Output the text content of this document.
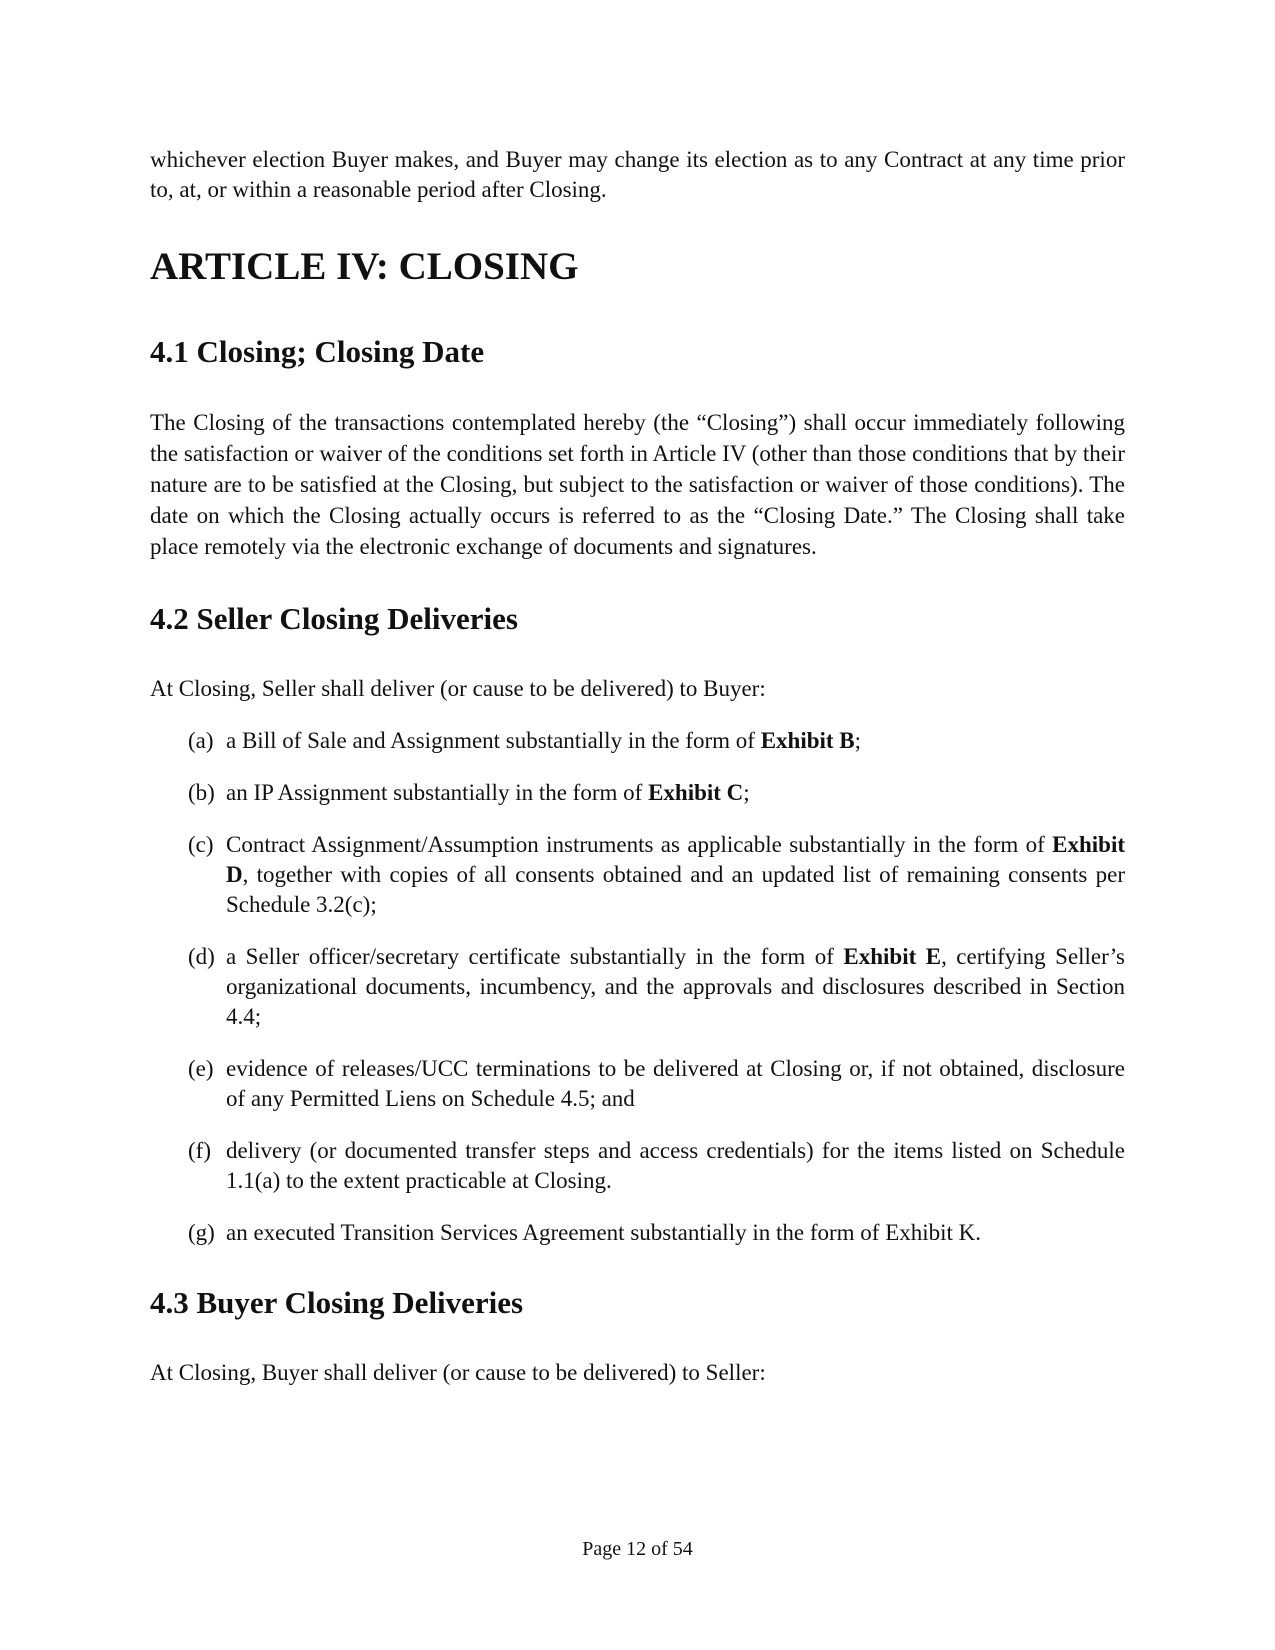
whichever election Buyer makes, and Buyer may change its election as to any Contract at any time prior to, at, or within a reasonable period after Closing.

ARTICLE IV: CLOSING
4.1 Closing; Closing Date

The Closing of the transactions contemplated hereby (the “Closing”) shall occur immediately following the satisfaction or waiver of the conditions set forth in Article IV (other than those conditions that by their nature are to be satisfied at the Closing, but subject to the satisfaction or waiver of those conditions). The date on which the Closing actually occurs is referred to as the “Closing Date.” The Closing shall take place remotely via the electronic exchange of documents and signatures.

4.2 Seller Closing Deliveries

At Closing, Seller shall deliver (or cause to be delivered) to Buyer:

(a) a Bill of Sale and Assignment substantially in the form of Exhibit B;
(b) an IP Assignment substantially in the form of Exhibit C;
(c) Contract Assignment/Assumption instruments as applicable substantially in the form of Exhibit D, together with copies of all consents obtained and an updated list of remaining consents per Schedule 3.2(c);
(d) a Seller officer/secretary certificate substantially in the form of Exhibit E, certifying Seller’s organizational documents, incumbency, and the approvals and disclosures described in Section 4.4;
(e) evidence of releases/UCC terminations to be delivered at Closing or, if not obtained, disclosure of any Permitted Liens on Schedule 4.5; and
(f) delivery (or documented transfer steps and access credentials) for the items listed on Schedule 1.1(a) to the extent practicable at Closing.
(g) an executed Transition Services Agreement substantially in the form of Exhibit K.
4.3 Buyer Closing Deliveries

At Closing, Buyer shall deliver (or cause to be delivered) to Seller:

Page 12 of 54
